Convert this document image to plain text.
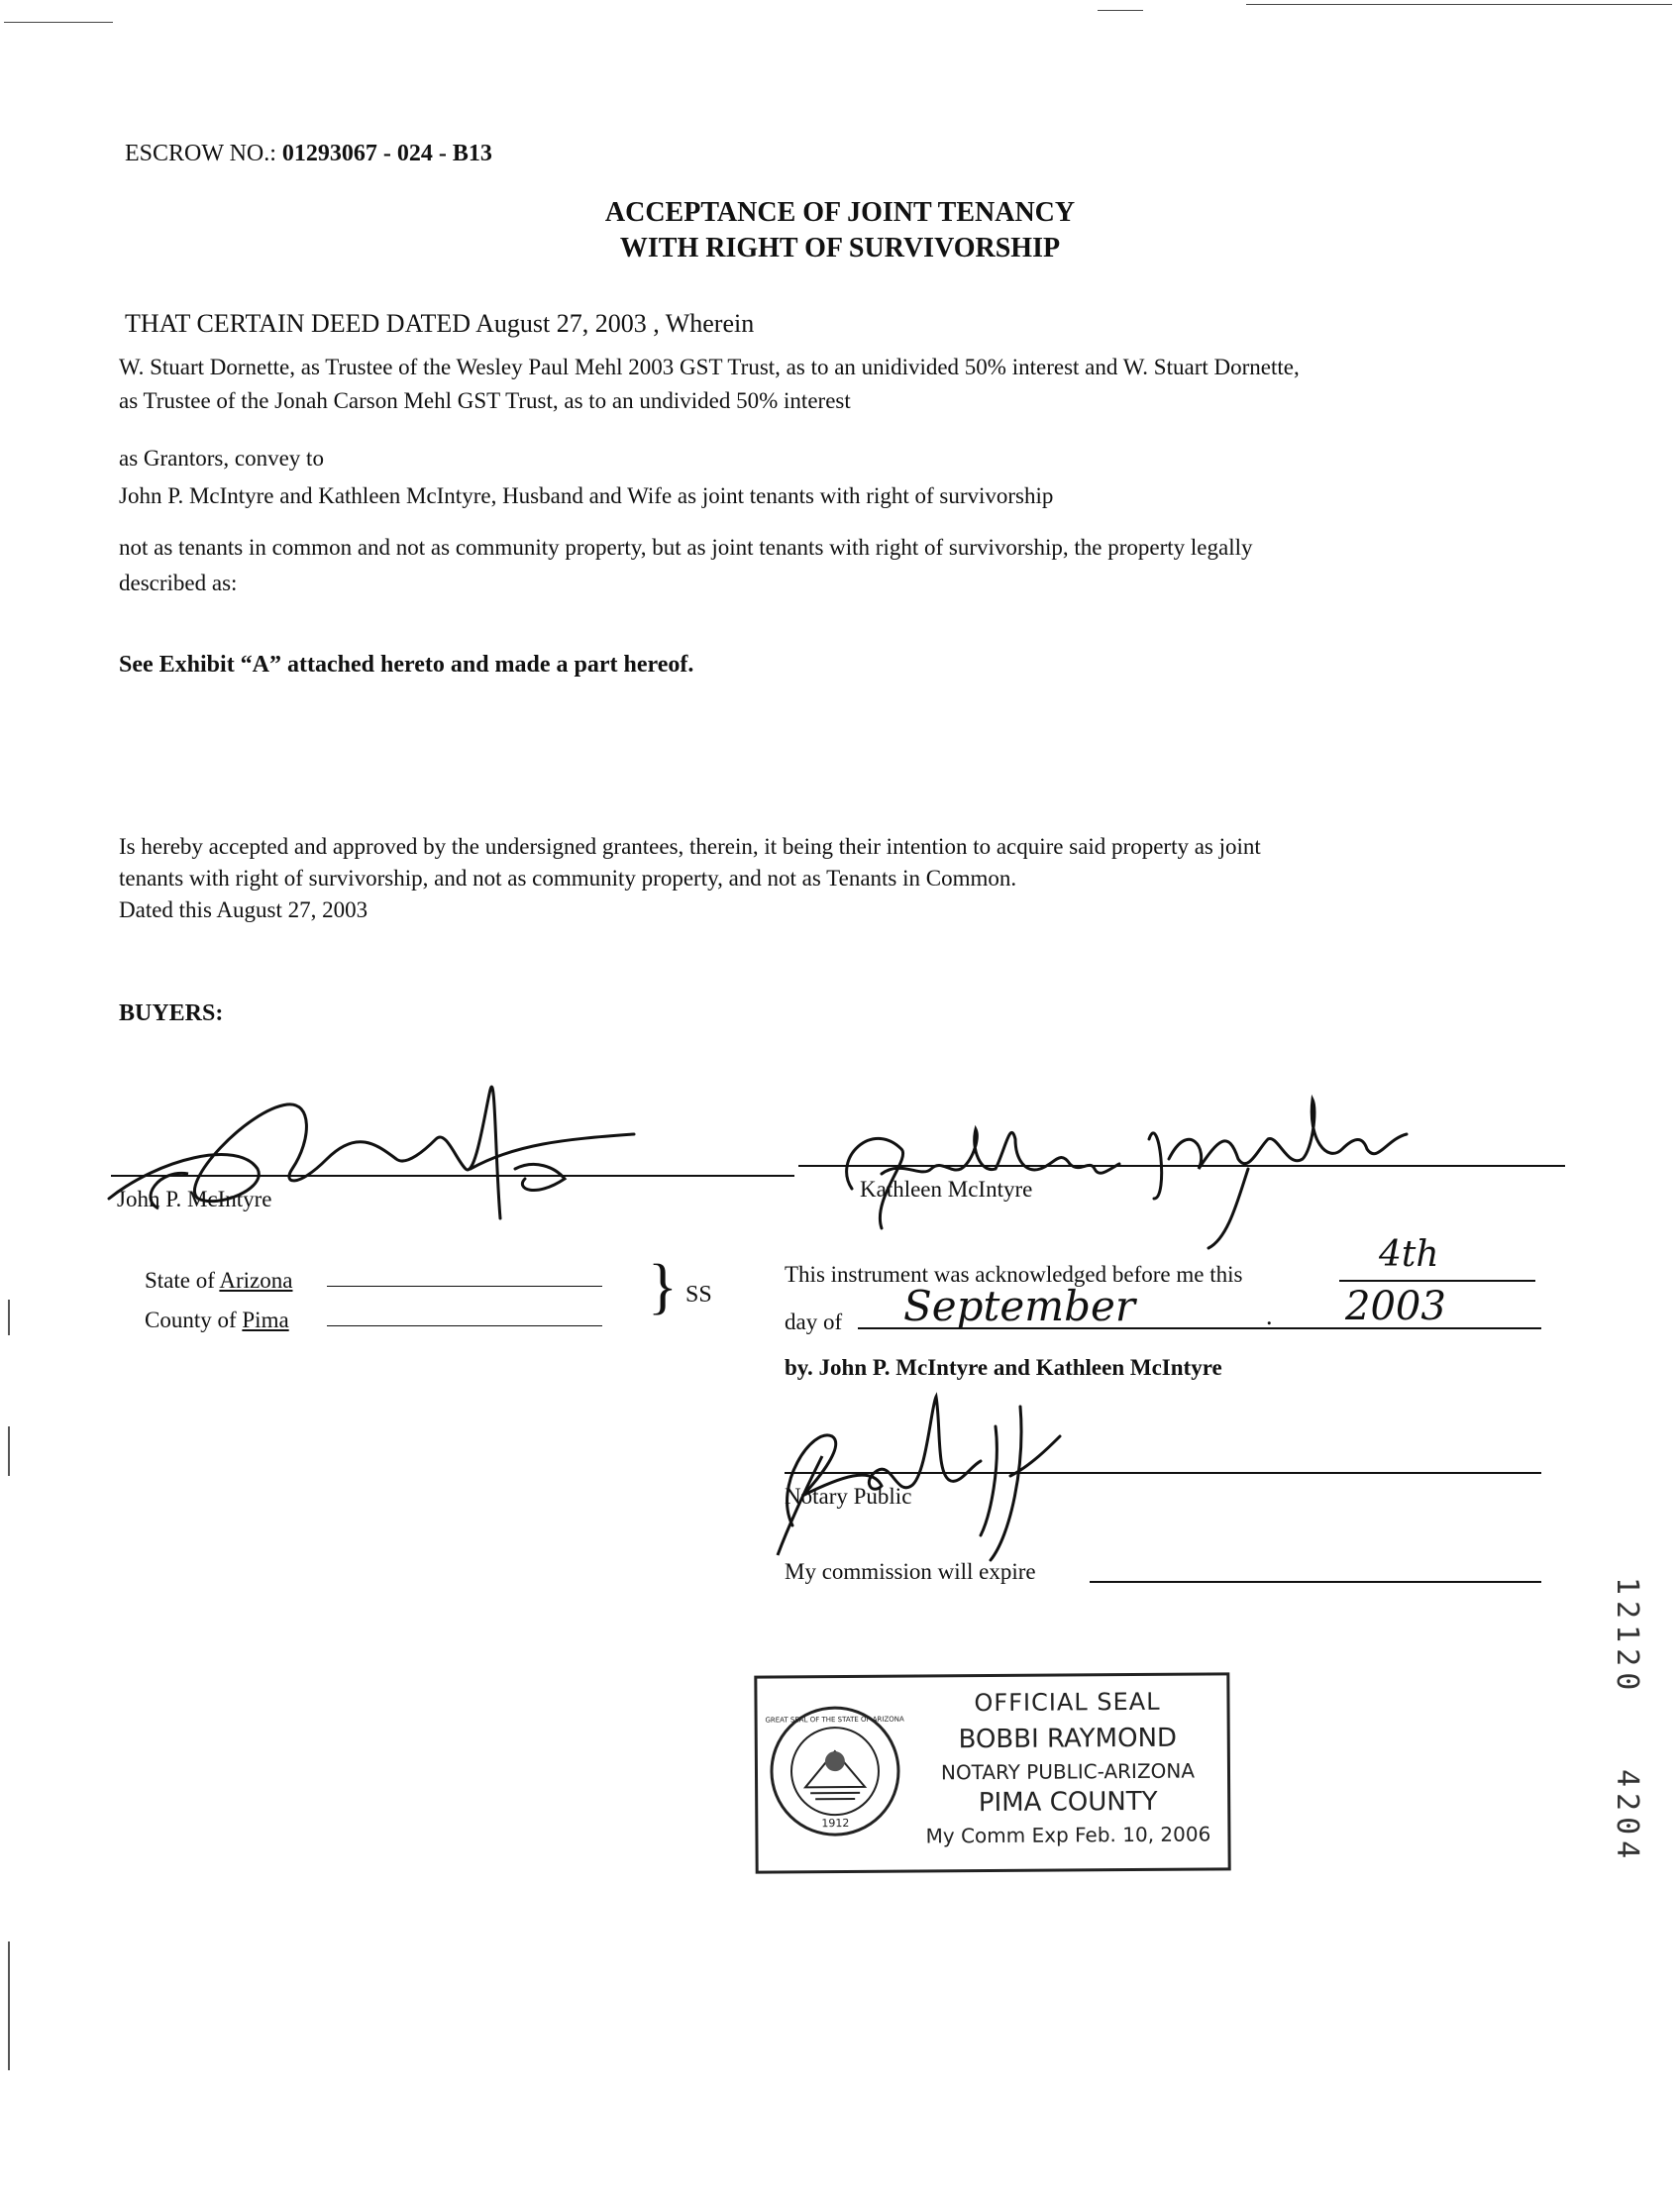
ESCROW NO.: 01293067 - 024 - B13
ACCEPTANCE OF JOINT TENANCY
WITH RIGHT OF SURVIVORSHIP
THAT CERTAIN DEED DATED August 27, 2003 , Wherein
W. Stuart Dornette, as Trustee of the Wesley Paul Mehl 2003 GST Trust, as to an unidivided 50% interest and W. Stuart Dornette,
as Trustee of the Jonah Carson Mehl GST Trust, as to an undivided 50% interest
as Grantors, convey to
John P. McIntyre and Kathleen McIntyre, Husband and Wife as joint tenants with right of survivorship
not as tenants in common and not as community property, but as joint tenants with right of survivorship, the property legally
described as:
See Exhibit “A” attached hereto and made a part hereof.
Is hereby accepted and approved by the undersigned grantees, therein, it being their intention to acquire said property as joint
tenants with right of survivorship, and not as community property, and not as Tenants in Common.
Dated this August 27, 2003
BUYERS:
John P. McIntyre	Kathleen McIntyre
State of Arizona
County of Pima	} SS
This instrument was acknowledged before me this	4th
day of September	. 2003
by. John P. McIntyre and Kathleen McIntyre
Notary Public
My commission will expire
1912
GREAT SEAL OF THE STATE OF ARIZONA
OFFICIAL SEAL
BOBBI RAYMOND
NOTARY PUBLIC-ARIZONA
PIMA COUNTY
My Comm Exp Feb. 10, 2006
12120
4204
